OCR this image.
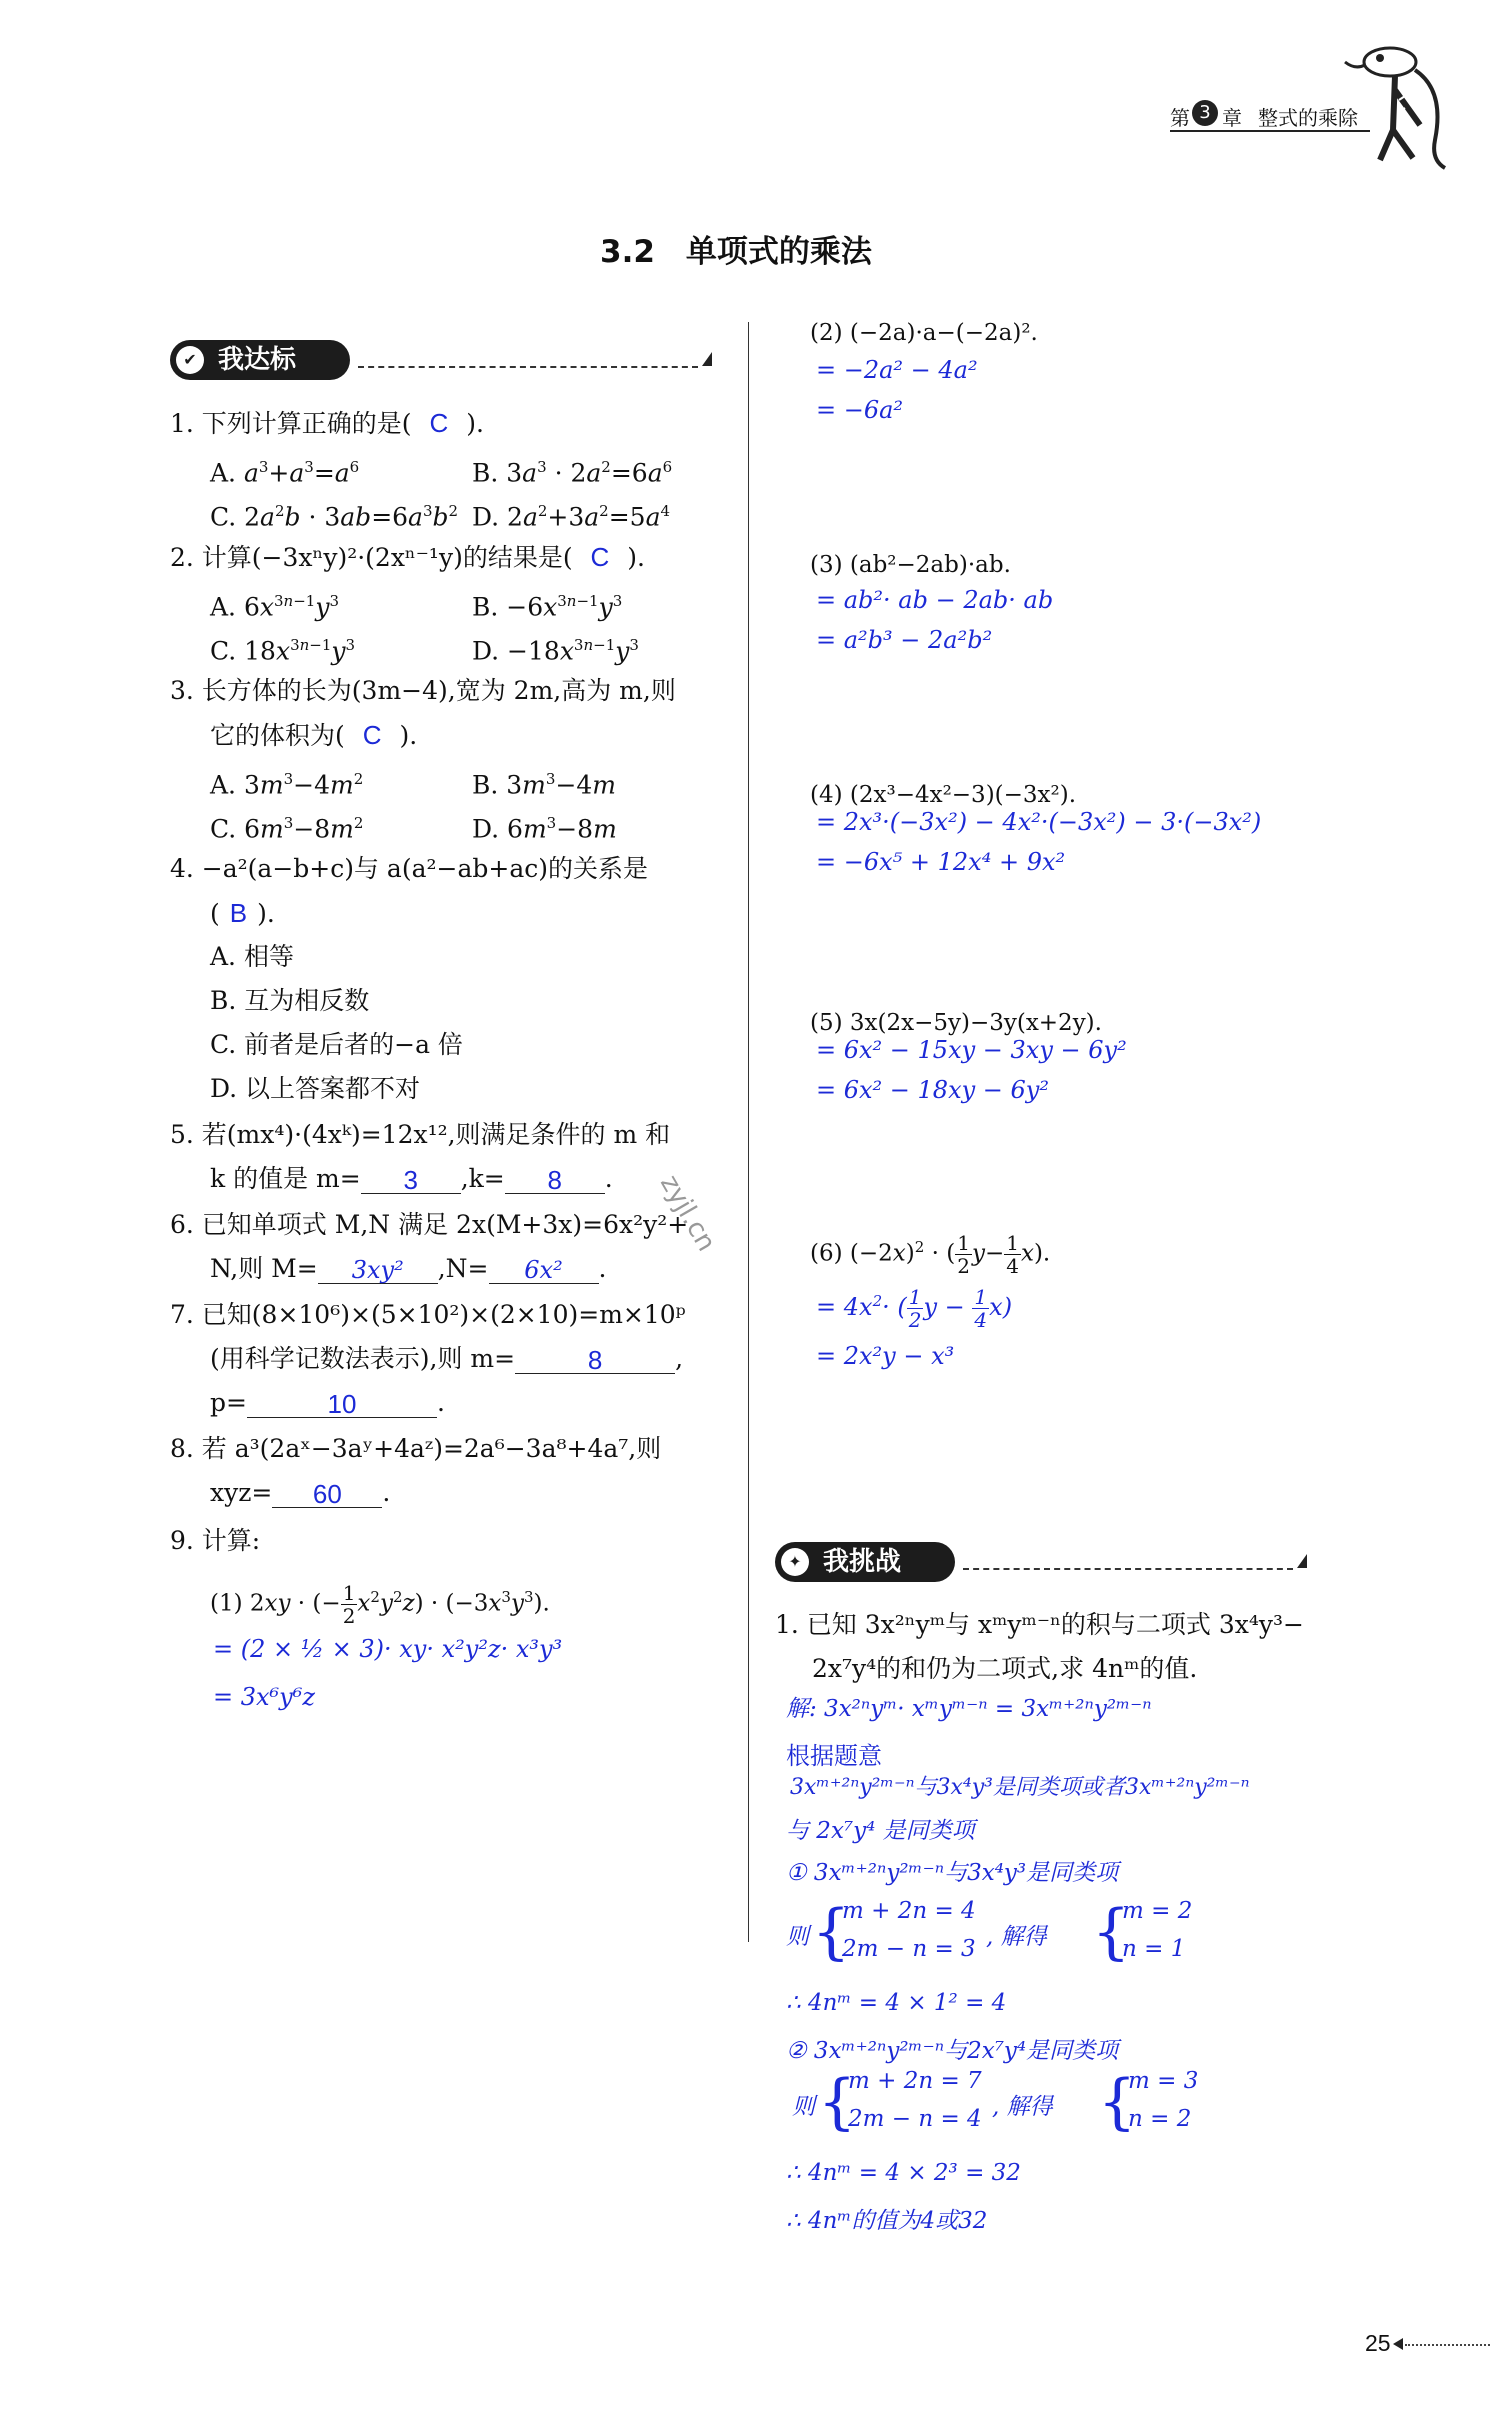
第 3 章 整式的乘除
3.2　单项式的乘法
✔ 我达标
1. 下列计算正确的是( C ).
A. $a^3+a^3=a^6$	B. $3a^3 \cdot 2a^2=6a^6$
C. $2a^2b \cdot 3ab=6a^3b^2$ D. $2a^2+3a^2=5a^4$
2. 计算(−3xⁿy)²·(2xⁿ⁻¹y)的结果是( C ).
A. $6x^{3n-1}y^3$	B. $-6x^{3n-1}y^3$
C. $18x^{3n-1}y^3$	D. $-18x^{3n-1}y^3$
3. 长方体的长为(3m−4),宽为 2m,高为 m,则
它的体积为( C ).
A. $3m^3-4m^2$	B. $3m^3-4m$
C. $6m^3-8m^2$	D. $6m^3-8m$
4. −a²(a−b+c)与 a(a²−ab+ac)的关系是
( B ).
A. 相等
B. 互为相反数
C. 前者是后者的−a 倍
D. 以上答案都不对
5. 若(mx⁴)·(4xᵏ)=12x¹²,则满足条件的 m 和
k 的值是 m= 3 ,k= 8 .
6. 已知单项式 M,N 满足 2x(M+3x)=6x²y²+
N,则 M= 3xy² ,N= 6x² .
7. 已知(8×10⁶)×(5×10²)×(2×10)=m×10ᵖ
(用科学记数法表示),则 m=	8	,
p=	10	.
8. 若 a³(2aˣ−3aʸ+4aᶻ)=2a⁶−3a⁸+4a⁷,则
xyz= 60 .
9. 计算:
(1) 2xy · (− $\frac{1}{2} x^2y^2z) \cdot (-3x^3y^3)$.
= (2 × ½ × 3)· xy· x²y²z· x³y³
= 3x⁶y⁶z
(2) (−2a)·a−(−2a)².
= −2a² − 4a²
= −6a²
(3) (ab²−2ab)·ab.
= ab²· ab − 2ab· ab
= a²b³ − 2a²b²
(4) (2x³−4x²−3)(−3x²).
= 2x³·(−3x²) − 4x²·(−3x²) − 3·(−3x²)
= −6x⁵ + 12x⁴ + 9x²
(5) 3x(2x−5y)−3y(x+2y).
= 6x² − 15xy − 3xy − 6y²
= 6x² − 18xy − 6y²
(6) $(-2x)^2$ · ( $\frac{1}{2} y- \frac{1}{4} x$).
= $4x^2\cdot$ ( $\frac{1}{2}$ $y - \frac{1}{4} x$)
= 2x²y − x³
zyjl.cn
✦ 我挑战
1. 已知 3x²ⁿyᵐ与 xᵐyᵐ⁻ⁿ的积与二项式 3x⁴y³−
2x⁷y⁴的和仍为二项式,求 4nᵐ的值.
解: 3x²ⁿyᵐ· xᵐyᵐ⁻ⁿ = 3xᵐ⁺²ⁿy²ᵐ⁻ⁿ
根据题意
3xᵐ⁺²ⁿy²ᵐ⁻ⁿ与3x⁴y³是同类项或者3xᵐ⁺²ⁿy²ᵐ⁻ⁿ
与 2x⁷y⁴ 是同类项
① 3xᵐ⁺²ⁿy²ᵐ⁻ⁿ与3x⁴y³是同类项
则 {
m + 2n = 4
2m − n = 3 , 解得 {
m = 2
n = 1
∴ 4nᵐ = 4 × 1² = 4
② 3xᵐ⁺²ⁿy²ᵐ⁻ⁿ与2x⁷y⁴是同类项
则 {
m + 2n = 7
2m − n = 4 , 解得 {
m = 3
n = 2
∴ 4nᵐ = 4 × 2³ = 32
∴ 4nᵐ的值为4或32
25
